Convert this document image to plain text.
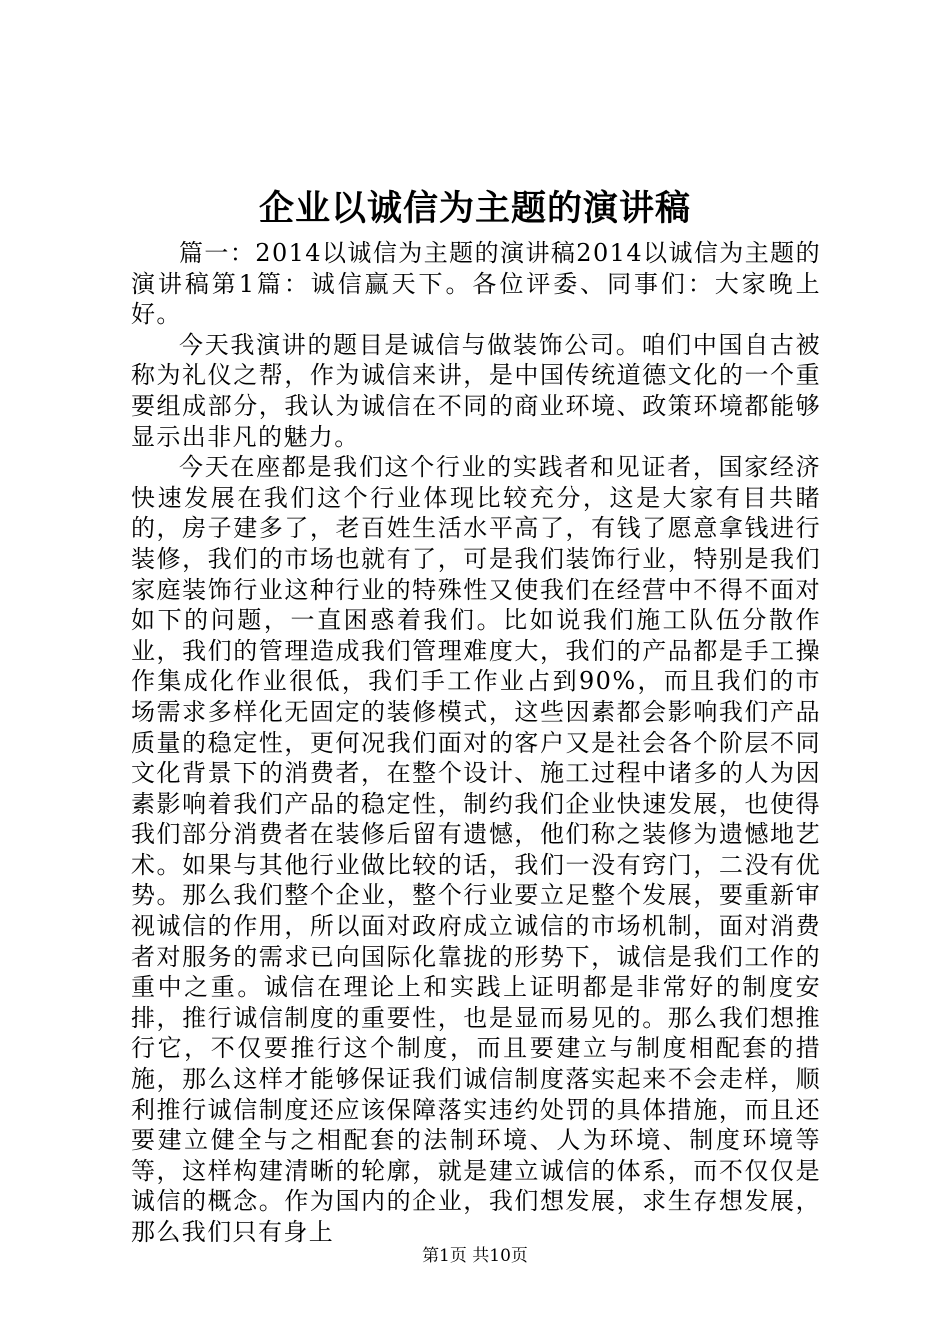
企业以诚信为主题的演讲稿

篇一：2014以诚信为主题的演讲稿2014以诚信为主题的演讲稿第1篇：诚信赢天下。各位评委、同事们：大家晚上好。

今天我演讲的题目是诚信与做装饰公司。咱们中国自古被称为礼仪之帮，作为诚信来讲，是中国传统道德文化的一个重要组成部分，我认为诚信在不同的商业环境、政策环境都能够显示出非凡的魅力。

今天在座都是我们这个行业的实践者和见证者，国家经济快速发展在我们这个行业体现比较充分，这是大家有目共睹的，房子建多了，老百姓生活水平高了，有钱了愿意拿钱进行装修，我们的市场也就有了，可是我们装饰行业，特别是我们家庭装饰行业这种行业的特殊性又使我们在经营中不得不面对如下的问题，一直困惑着我们。比如说我们施工队伍分散作业，我们的管理造成我们管理难度大，我们的产品都是手工操作集成化作业很低，我们手工作业占到90%，而且我们的市场需求多样化无固定的装修模式，这些因素都会影响我们产品质量的稳定性，更何况我们面对的客户又是社会各个阶层不同文化背景下的消费者，在整个设计、施工过程中诸多的人为因素影响着我们产品的稳定性，制约我们企业快速发展，也使得我们部分消费者在装修后留有遗憾，他们称之装修为遗憾地艺术。如果与其他行业做比较的话，我们一没有窍门，二没有优势。那么我们整个企业，整个行业要立足整个发展，要重新审视诚信的作用，所以面对政府成立诚信的市场机制，面对消费者对服务的需求已向国际化靠拢的形势下，诚信是我们工作的重中之重。诚信在理论上和实践上证明都是非常好的制度安排，推行诚信制度的重要性，也是显而易见的。那么我们想推行它，不仅要推行这个制度，而且要建立与制度相配套的措施，那么这样才能够保证我们诚信制度落实起来不会走样，顺利推行诚信制度还应该保障落实违约处罚的具体措施，而且还要建立健全与之相配套的法制环境、人为环境、制度环境等等，这样构建清晰的轮廓，就是建立诚信的体系，而不仅仅是诚信的概念。作为国内的企业，我们想发展，求生存想发展，那么我们只有身上

第1页 共10页
